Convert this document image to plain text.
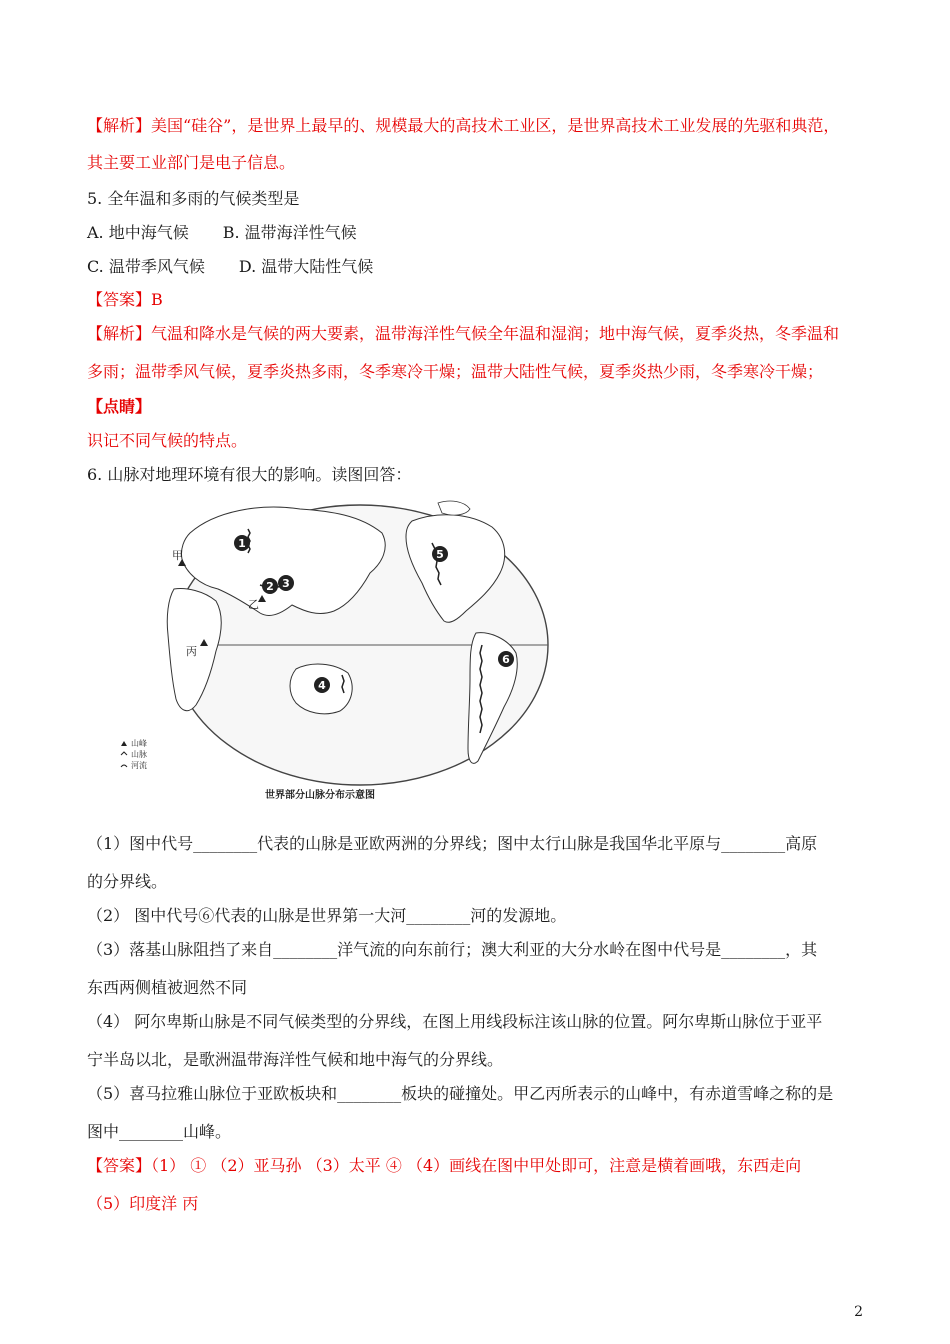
【解析】美国“硅谷”，是世界上最早的、规模最大的高技术工业区，是世界高技术工业发展的先驱和典范，
其主要工业部门是电子信息。
5. 全年温和多雨的气候类型是
A. 地中海气候 B. 温带海洋性气候
C. 温带季风气候 D. 温带大陆性气候
【答案】B
【解析】气温和降水是气候的两大要素，温带海洋性气候全年温和湿润；地中海气候，夏季炎热，冬季温和
多雨；温带季风气候，夏季炎热多雨，冬季寒冷干燥；温带大陆性气候，夏季炎热少雨，冬季寒冷干燥；
【点睛】
识记不同气候的特点。
6. 山脉对地理环境有很大的影响。读图回答：
1
2 3
4
5
6
甲
乙
丙
山峰
山脉
河流
世界部分山脉分布示意图
（1）图中代号________代表的山脉是亚欧两洲的分界线；图中太行山脉是我国华北平原与________高原
的分界线。
（2） 图中代号⑥代表的山脉是世界第一大河________河的发源地。
（3）落基山脉阻挡了来自________洋气流的向东前行；澳大利亚的大分水岭在图中代号是________，其
东西两侧植被迥然不同
（4） 阿尔卑斯山脉是不同气候类型的分界线，在图上用线段标注该山脉的位置。阿尔卑斯山脉位于亚平
宁半岛以北，是歌洲温带海洋性气候和地中海气的分界线。
（5）喜马拉雅山脉位于亚欧板块和________板块的碰撞处。甲乙丙所表示的山峰中，有赤道雪峰之称的是
图中________山峰。
【答案】（1） ① （2）亚马孙 （3）太平 ④ （4）画线在图中甲处即可，注意是横着画哦，东西走向
（5）印度洋 丙
2
